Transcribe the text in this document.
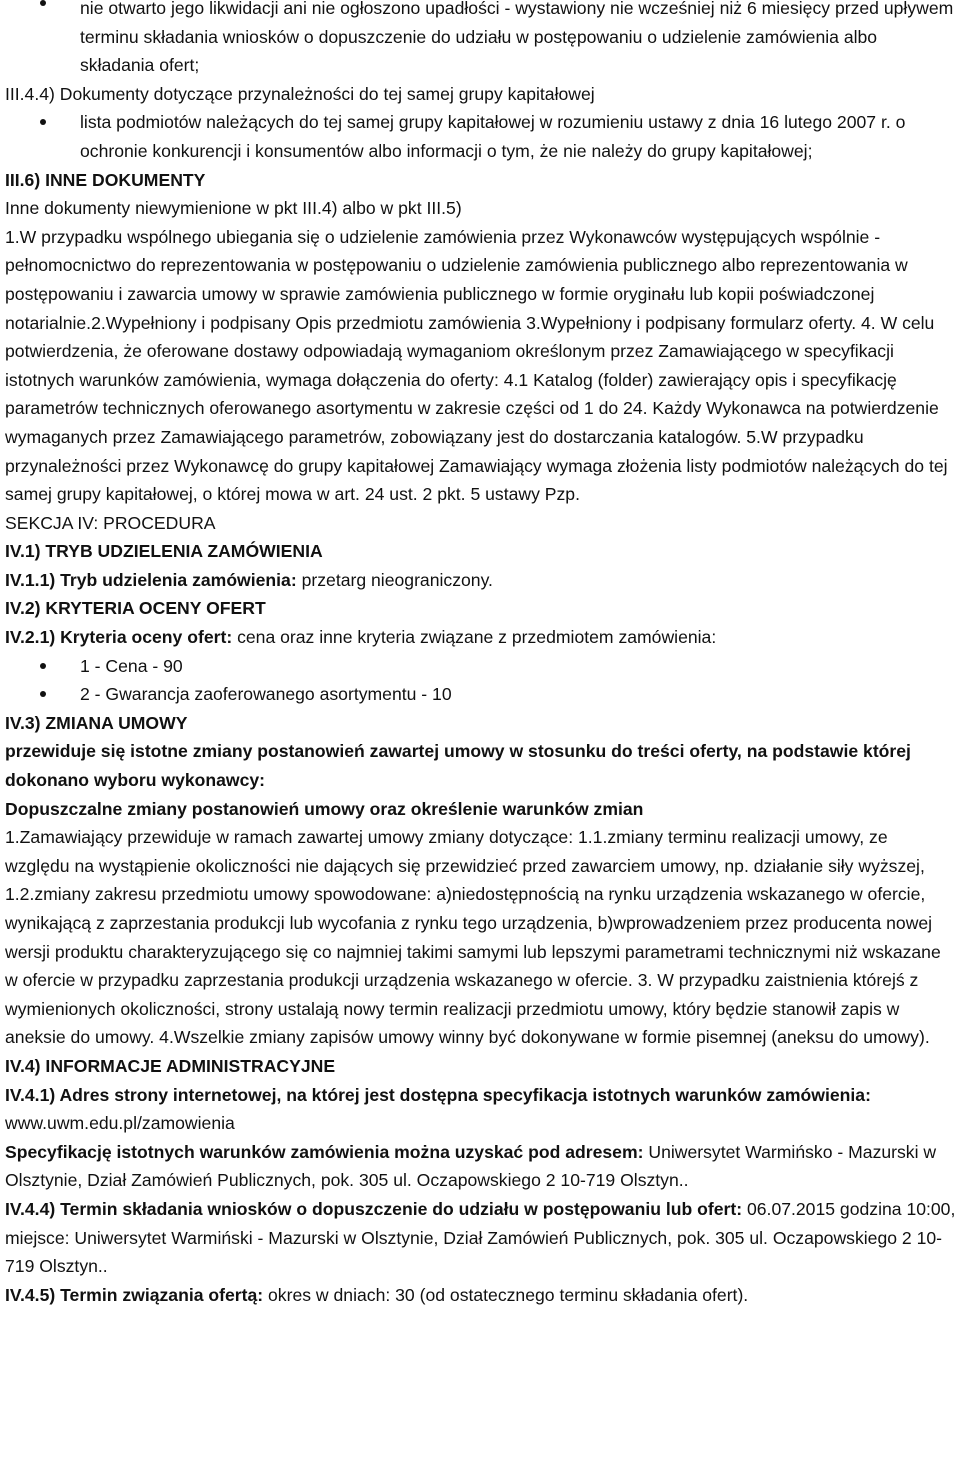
nie otwarto jego likwidacji ani nie ogłoszono upadłości - wystawiony nie wcześniej niż 6 miesięcy przed upływem terminu składania wniosków o dopuszczenie do udziału w postępowaniu o udzielenie zamówienia albo składania ofert;

III.4.4) Dokumenty dotyczące przynależności do tej samej grupy kapitałowej

lista podmiotów należących do tej samej grupy kapitałowej w rozumieniu ustawy z dnia 16 lutego 2007 r. o ochronie konkurencji i konsumentów albo informacji o tym, że nie należy do grupy kapitałowej;

III.6) INNE DOKUMENTY

Inne dokumenty niewymienione w pkt III.4) albo w pkt III.5)

1.W przypadku wspólnego ubiegania się o udzielenie zamówienia przez Wykonawców występujących wspólnie - pełnomocnictwo do reprezentowania w postępowaniu o udzielenie zamówienia publicznego albo reprezentowania w postępowaniu i zawarcia umowy w sprawie zamówienia publicznego w formie oryginału lub kopii poświadczonej notarialnie.2.Wypełniony i podpisany Opis przedmiotu zamówienia 3.Wypełniony i podpisany formularz oferty. 4. W celu potwierdzenia, że oferowane dostawy odpowiadają wymaganiom określonym przez Zamawiającego w specyfikacji istotnych warunków zamówienia, wymaga dołączenia do oferty: 4.1 Katalog (folder) zawierający opis i specyfikację parametrów technicznych oferowanego asortymentu w zakresie części od 1 do 24. Każdy Wykonawca na potwierdzenie wymaganych przez Zamawiającego parametrów, zobowiązany jest do dostarczania katalogów. 5.W przypadku przynależności przez Wykonawcę do grupy kapitałowej Zamawiający wymaga złożenia listy podmiotów należących do tej samej grupy kapitałowej, o której mowa w art. 24 ust. 2 pkt. 5 ustawy Pzp.

SEKCJA IV: PROCEDURA

IV.1) TRYB UDZIELENIA ZAMÓWIENIA

IV.1.1) Tryb udzielenia zamówienia: przetarg nieograniczony.

IV.2) KRYTERIA OCENY OFERT

IV.2.1) Kryteria oceny ofert: cena oraz inne kryteria związane z przedmiotem zamówienia:

1 - Cena - 90
2 - Gwarancja zaoferowanego asortymentu - 10

IV.3) ZMIANA UMOWY

przewiduje się istotne zmiany postanowień zawartej umowy w stosunku do treści oferty, na podstawie której dokonano wyboru wykonawcy:

Dopuszczalne zmiany postanowień umowy oraz określenie warunków zmian

1.Zamawiający przewiduje w ramach zawartej umowy zmiany dotyczące: 1.1.zmiany terminu realizacji umowy, ze względu na wystąpienie okoliczności nie dających się przewidzieć przed zawarciem umowy, np. działanie siły wyższej, 1.2.zmiany zakresu przedmiotu umowy spowodowane: a)niedostępnością na rynku urządzenia wskazanego w ofercie, wynikającą z zaprzestania produkcji lub wycofania z rynku tego urządzenia, b)wprowadzeniem przez producenta nowej wersji produktu charakteryzującego się co najmniej takimi samymi lub lepszymi parametrami technicznymi niż wskazane w ofercie w przypadku zaprzestania produkcji urządzenia wskazanego w ofercie. 3. W przypadku zaistnienia którejś z wymienionych okoliczności, strony ustalają nowy termin realizacji przedmiotu umowy, który będzie stanowił zapis w aneksie do umowy. 4.Wszelkie zmiany zapisów umowy winny być dokonywane w formie pisemnej (aneksu do umowy).

IV.4) INFORMACJE ADMINISTRACYJNE

IV.4.1) Adres strony internetowej, na której jest dostępna specyfikacja istotnych warunków zamówienia: www.uwm.edu.pl/zamowienia

Specyfikację istotnych warunków zamówienia można uzyskać pod adresem: Uniwersytet Warmińsko - Mazurski w Olsztynie, Dział Zamówień Publicznych, pok. 305 ul. Oczapowskiego 2 10-719 Olsztyn..

IV.4.4) Termin składania wniosków o dopuszczenie do udziału w postępowaniu lub ofert: 06.07.2015 godzina 10:00, miejsce: Uniwersytet Warmiński - Mazurski w Olsztynie, Dział Zamówień Publicznych, pok. 305 ul. Oczapowskiego 2 10-719 Olsztyn..

IV.4.5) Termin związania ofertą: okres w dniach: 30 (od ostatecznego terminu składania ofert).
